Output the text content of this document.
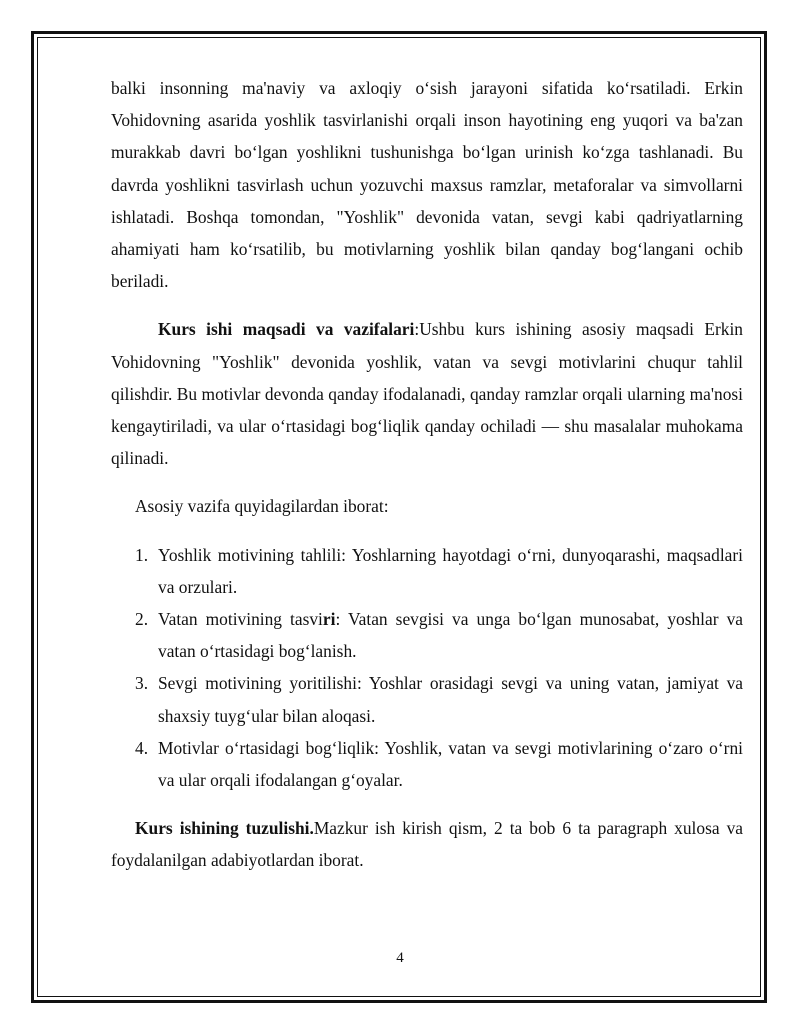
balki insonning ma'naviy va axloqiy o‘sish jarayoni sifatida ko‘rsatiladi. Erkin Vohidovning asarida yoshlik tasvirlanishi orqali inson hayotining eng yuqori va ba'zan murakkab davri bo‘lgan yoshlikni tushunishga bo‘lgan urinish ko‘zga tashlanadi. Bu davrda yoshlikni tasvirlash uchun yozuvchi maxsus ramzlar, metaforalar va simvollarni ishlatadi. Boshqa tomondan, "Yoshlik" devonida vatan, sevgi kabi qadriyatlarning ahamiyati ham ko‘rsatilib, bu motivlarning yoshlik bilan qanday bog‘langani ochib beriladi.

Kurs ishi maqsadi va vazifalari:Ushbu kurs ishining asosiy maqsadi Erkin Vohidovning "Yoshlik" devonida yoshlik, vatan va sevgi motivlarini chuqur tahlil qilishdir. Bu motivlar devonda qanday ifodalanadi, qanday ramzlar orqali ularning ma'nosi kengaytiriladi, va ular o‘rtasidagi bog‘liqlik qanday ochiladi — shu masalalar muhokama qilinadi.

Asosiy vazifa quyidagilardan iborat:

1. Yoshlik motivining tahlili: Yoshlarning hayotdagi o‘rni, dunyoqarashi, maqsadlari va orzulari.
2. Vatan motivining tasviri: Vatan sevgisi va unga bo‘lgan munosabat, yoshlar va vatan o‘rtasidagi bog‘lanish.
3. Sevgi motivining yoritilishi: Yoshlar orasidagi sevgi va uning vatan, jamiyat va shaxsiy tuyg‘ular bilan aloqasi.
4. Motivlar o‘rtasidagi bog‘liqlik: Yoshlik, vatan va sevgi motivlarining o‘zaro o‘rni va ular orqali ifodalangan g‘oyalar.

Kurs ishining tuzulishi.Mazkur ish kirish qism, 2 ta bob 6 ta paragraph xulosa va foydalanilgan adabiyotlardan iborat.

4
